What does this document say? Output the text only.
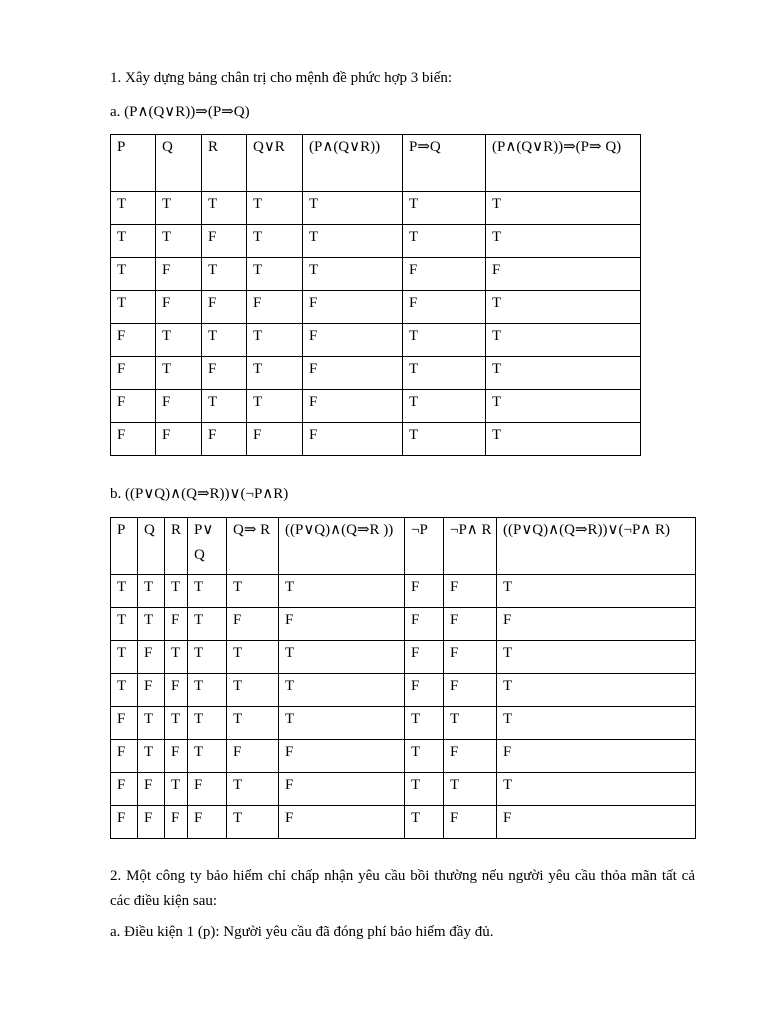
1. Xây dựng bảng chân trị cho mệnh đề phức hợp 3 biến:
a. (P∧(Q∨R))⇒(P⇒Q)
P	Q	R	Q∨R	(P∧(Q∨R))	P⇒Q	(P∧(Q∨R))⇒(P⇒ Q)
T	T	T	T	T	T	T
T	T	F	T	T	T	T
T	F	T	T	T	F	F
T	F	F	F	F	F	T
F	T	T	T	F	T	T
F	T	F	T	F	T	T
F	F	T	T	F	T	T
F	F	F	F	F	T	T
b. ((P∨Q)∧(Q⇒R))∨(¬P∧R)
P	Q	R	P∨ Q	Q⇒ R	((P∨Q)∧(Q⇒R ))	¬P	¬P∧ R	((P∨Q)∧(Q⇒R))∨(¬P∧ R)
T	T	T	T	T	T	F	F	T
T	T	F	T	F	F	F	F	F
T	F	T	T	T	T	F	F	T
T	F	F	T	T	T	F	F	T
F	T	T	T	T	T	T	T	T
F	T	F	T	F	F	T	F	F
F	F	T	F	T	F	T	T	T
F	F	F	F	T	F	T	F	F
2. Một công ty bảo hiểm chỉ chấp nhận yêu cầu bồi thường nếu người yêu cầu thỏa mãn tất cả các điều kiện sau:
a. Điều kiện 1 (p): Người yêu cầu đã đóng phí bảo hiểm đầy đủ.
